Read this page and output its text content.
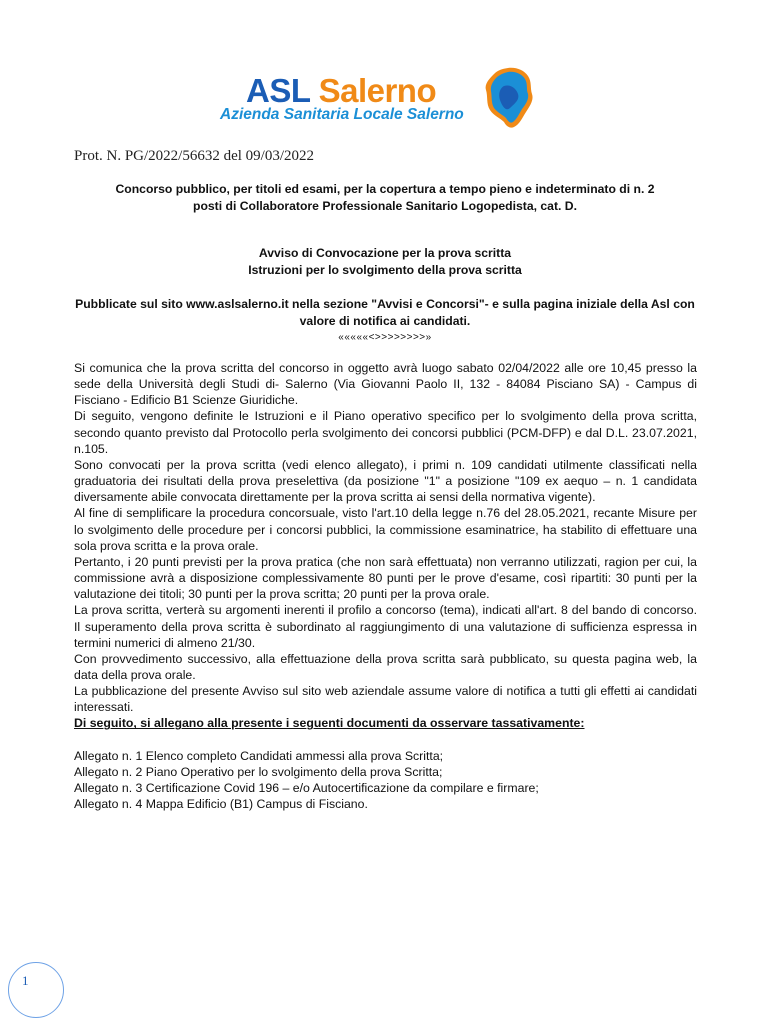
ASL Salerno
Azienda Sanitaria Locale Salerno
Prot. N. PG/2022/56632 del 09/03/2022
Concorso pubblico, per titoli ed esami, per la copertura a tempo pieno e indeterminato di n. 2
posti di Collaboratore Professionale Sanitario Logopedista, cat. D.
Avviso di Convocazione per la prova scritta
Istruzioni per lo svolgimento della prova scritta
Pubblicate sul sito www.aslsalerno.it nella sezione "Avvisi e Concorsi"- e sulla pagina iniziale della Asl con
valore di notifica ai candidati.
«««««<>>>>>>>>»

Si comunica che la prova scritta del concorso in oggetto avrà luogo sabato 02/04/2022 alle ore 10,45 presso la sede della Università degli Studi di- Salerno (Via Giovanni Paolo II, 132 - 84084 Pisciano SA) - Campus di Fisciano - Edificio B1 Scienze Giuridiche.

Di seguito, vengono definite le Istruzioni e il Piano operativo specifico per lo svolgimento della prova scritta, secondo quanto previsto dal Protocollo perla svolgimento dei concorsi pubblici (PCM-DFP) e dal D.L. 23.07.2021, n.105.

Sono convocati per la prova scritta (vedi elenco allegato), i primi n. 109 candidati utilmente classificati nella graduatoria dei risultati della prova preselettiva (da posizione "1" a posizione "109 ex aequo – n. 1 candidata diversamente abile convocata direttamente per la prova scritta ai sensi della normativa vigente).

Al fine di semplificare la procedura concorsuale, visto l'art.10 della legge n.76 del 28.05.2021, recante Misure per lo svolgimento delle procedure per i concorsi pubblici, la commissione esaminatrice, ha stabilito di effettuare una sola prova scritta e la prova orale.

Pertanto, i 20 punti previsti per la prova pratica (che non sarà effettuata) non verranno utilizzati, ragion per cui, la commissione avrà a disposizione complessivamente 80 punti per le prove d'esame, così ripartiti: 30 punti per la valutazione dei titoli; 30 punti per la prova scritta; 20 punti per la prova orale.

La prova scritta, verterà su argomenti inerenti il profilo a concorso (tema), indicati all'art. 8 del bando di concorso. Il superamento della prova scritta è subordinato al raggiungimento di una valutazione di sufficienza espressa in termini numerici di almeno 21/30.

Con provvedimento successivo, alla effettuazione della prova scritta sarà pubblicato, su questa pagina web, la data della prova orale.

La pubblicazione del presente Avviso sul sito web aziendale assume valore di notifica a tutti gli effetti ai candidati interessati.

Di seguito, si allegano alla presente i seguenti documenti da osservare tassativamente:

Allegato n. 1 Elenco completo Candidati ammessi alla prova Scritta;

Allegato n. 2 Piano Operativo per lo svolgimento della prova Scritta;

Allegato n. 3 Certificazione Covid 196 – e/o Autocertificazione da compilare e firmare;

Allegato n. 4 Mappa Edificio (B1) Campus di Fisciano.

1
